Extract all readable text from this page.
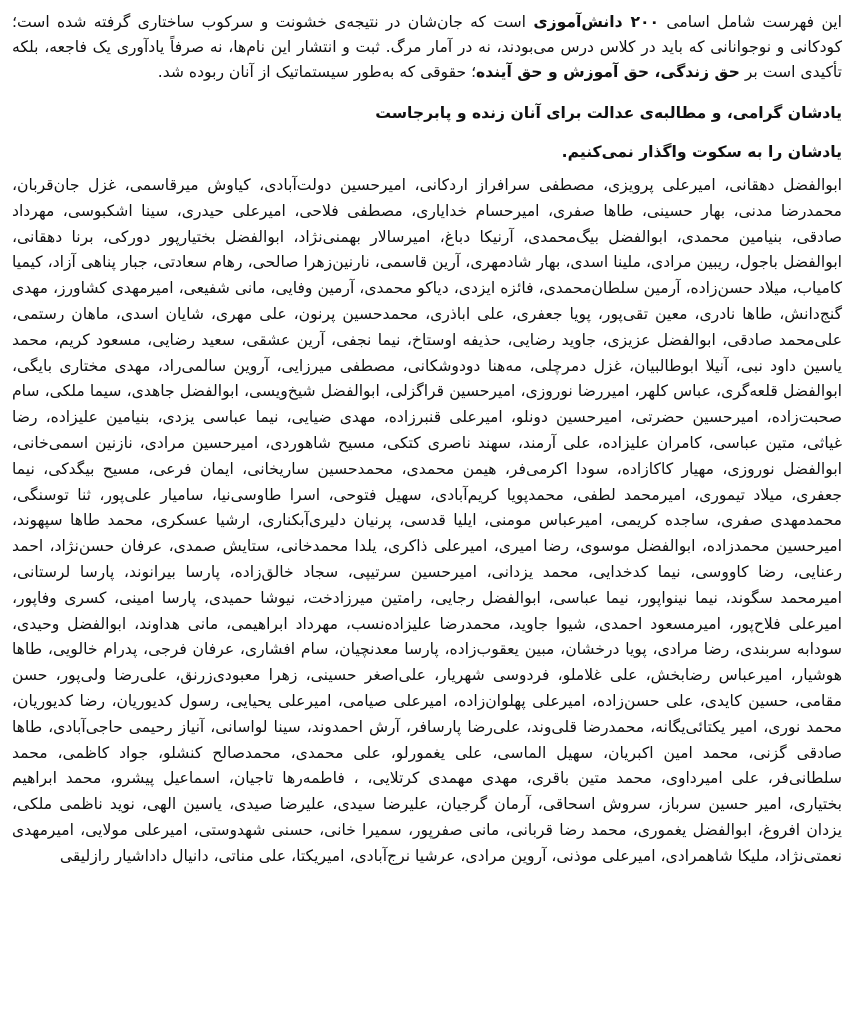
این فهرست شامل اسامی ۲۰۰ دانش‌آموزی است که جان‌شان در نتیجه‌ی خشونت و سرکوب ساختاری گرفته شده است؛ کودکانی و نوجوانانی که باید در کلاس درس می‌بودند، نه در آمار مرگ. ثبت و انتشار این نام‌ها، نه صرفاً یادآوری یک فاجعه، بلکه تأکیدی است بر حق زندگی، حق آموزش و حق آینده؛ حقوقی که به‌طور سیستماتیک از آنان ربوده شد.

یادشان گرامی، و مطالبه‌ی عدالت برای آنان زنده و پابرجاست

یادشان را به سکوت واگذار نمی‌کنیم.

ابوالفضل دهقانی، امیرعلی پرویزی، مصطفی سرافراز اردکانی، امیرحسین دولت‌آبادی، کیاوش میرقاسمی، غزل جان‌قربان، محمدرضا مدنی، بهار حسینی، طاها صفری، امیرحسام خدایاری، مصطفی فلاحی، امیرعلی حیدری، سینا اشکبوسی، مهرداد صادقی، بنیامین محمدی، ابوالفضل بیگ‌محمدی، آرنیکا دباغ، امیرسالار بهمنی‌نژاد، ابوالفضل بختیارپور دورکی، برنا دهقانی، ابوالفضل باجول، ریبین مرادی، ملینا اسدی، بهار شادمهری، آرین قاسمی، نارنین‌زهرا صالحی، رهام سعادتی، جبار پناهی آزاد، کیمیا کامیاب، میلاد حسن‌زاده، آرمین سلطان‌محمدی، فائزه ایزدی، دیاکو محمدی، آرمین وفایی، مانی شفیعی، امیرمهدی کشاورز، مهدی گنج‌دانش، طاها نادری، معین تقی‌پور، پویا جعفری، علی اباذری، محمدحسین پرنون، علی مهری، شایان اسدی، ماهان رستمی، علی‌محمد صادقی، ابوالفضل عزیزی، جاوید رضایی، حذیفه اوستاخ، نیما نجفی، آرین عشقی، سعید رضایی، مسعود کریم، محمد یاسین داود نبی، آنیلا ابوطالبیان، غزل دمرچلی، مه‌هنا دودوشکانی، مصطفی میرزایی، آروین سالمی‌راد، مهدی مختاری بایگی، ابوالفضل قلعه‌گری، عباس کلهر، امیررضا نوروزی، امیرحسین قراگزلی، ابوالفضل شیخ‌ویسی، ابوالفضل جاهدی، سیما ملکی، سام صحبت‌زاده، امیرحسین حضرتی، امیرحسین دونلو، امیرعلی قنبرزاده، مهدی ضیایی، نیما عباسی یزدی، بنیامین علیزاده، رضا غیاثی، متین عباسی، کامران علیزاده، علی آرمند، سهند ناصری کتکی، مسیح شاهوردی، امیرحسین مرادی، نازنین اسمی‌خانی، ابوالفضل نوروزی، مهیار کاکازاده، سودا اکرمی‌فر، هیمن محمدی، محمدحسین ساریخانی، ایمان فرعی، مسیح بیگدکی، نیما جعفری، میلاد تیموری، امیرمحمد لطفی، محمدپویا کریم‌آبادی، سهیل فتوحی، اسرا طاوسی‌نیا، سامیار علی‌پور، ثنا توسنگی، محمدمهدی صفری، ساجده کریمی، امیرعباس مومنی، ایلیا قدسی، پرنیان دلیری‌آبکناری، ارشیا عسکری، محمد طاها سپهوند، امیرحسین محمدزاده، ابوالفضل موسوی، رضا امیری، امیرعلی ذاکری، یلدا محمدخانی، ستایش صمدی، عرفان حسن‌نژاد، احمد رعنایی، رضا کاووسی، نیما کدخدایی، محمد یزدانی، امیرحسین سرتیپی، سجاد خالق‌زاده، پارسا بیرانوند، پارسا لرستانی، امیرمحمد سگوند، نیما نینواپور، نیما عباسی، ابوالفضل رجایی، رامتین میرزادخت، نیوشا حمیدی، پارسا امینی، کسری وفاپور، امیرعلی فلاح‌پور، امیرمسعود احمدی، شیوا جاوید، محمدرضا علیزاده‌نسب، مهرداد ابراهیمی، مانی هداوند، ابوالفضل وحیدی، سودابه سربندی، رضا مرادی، پویا درخشان، مبین یعقوب‌زاده، پارسا معدنچیان، سام افشاری، عرفان فرجی، پدرام خالویی، طاها هوشیار، امیرعباس رضابخش، علی غلاملو، فردوسی شهریار، علی‌اصغر حسینی، زهرا معبودی‌زرنق، علی‌رضا ولی‌پور، حسن مقامی، حسین کایدی، علی حسن‌زاده، امیرعلی پهلوان‌زاده، امیرعلی صیامی، امیرعلی یحیایی، رسول کدیوریان، رضا کدیوریان، محمد نوری، امیر یکتائی‌یگانه، محمدرضا قلی‌وند، علی‌رضا پارسافر، آرش احمدوند، سینا لواسانی، آنیاز رحیمی حاجی‌آبادی، طاها صادقی گزنی، محمد امین اکبریان، سهیل الماسی، علی یغمورلو، علی محمدی، محمدصالح کنشلو، جواد کاظمی، محمد سلطانی‌فر، علی امیرداوی، محمد متین باقری، مهدی مهمدی کرتلایی، ، فاطمه‌رها تاجیان، اسماعیل پیشرو، محمد ابراهیم بختیاری، امیر حسین سرباز، سروش اسحاقی، آرمان گرجیان، علیرضا سیدی، علیرضا صیدی، یاسین الهی، نوید ناظمی ملکی، یزدان افروغ، ابوالفضل یغموری، محمد رضا قربانی، مانی صفرپور، سمیرا خانی، حسنی شهدوستی، امیرعلی مولایی، امیرمهدی نعمتی‌نژاد، ملیکا شاهمرادی، امیرعلی موذنی، آروین مرادی، عرشیا نرج‌آبادی، امیریکتا، علی مناتی، دانیال داداشیار رازلیقی
